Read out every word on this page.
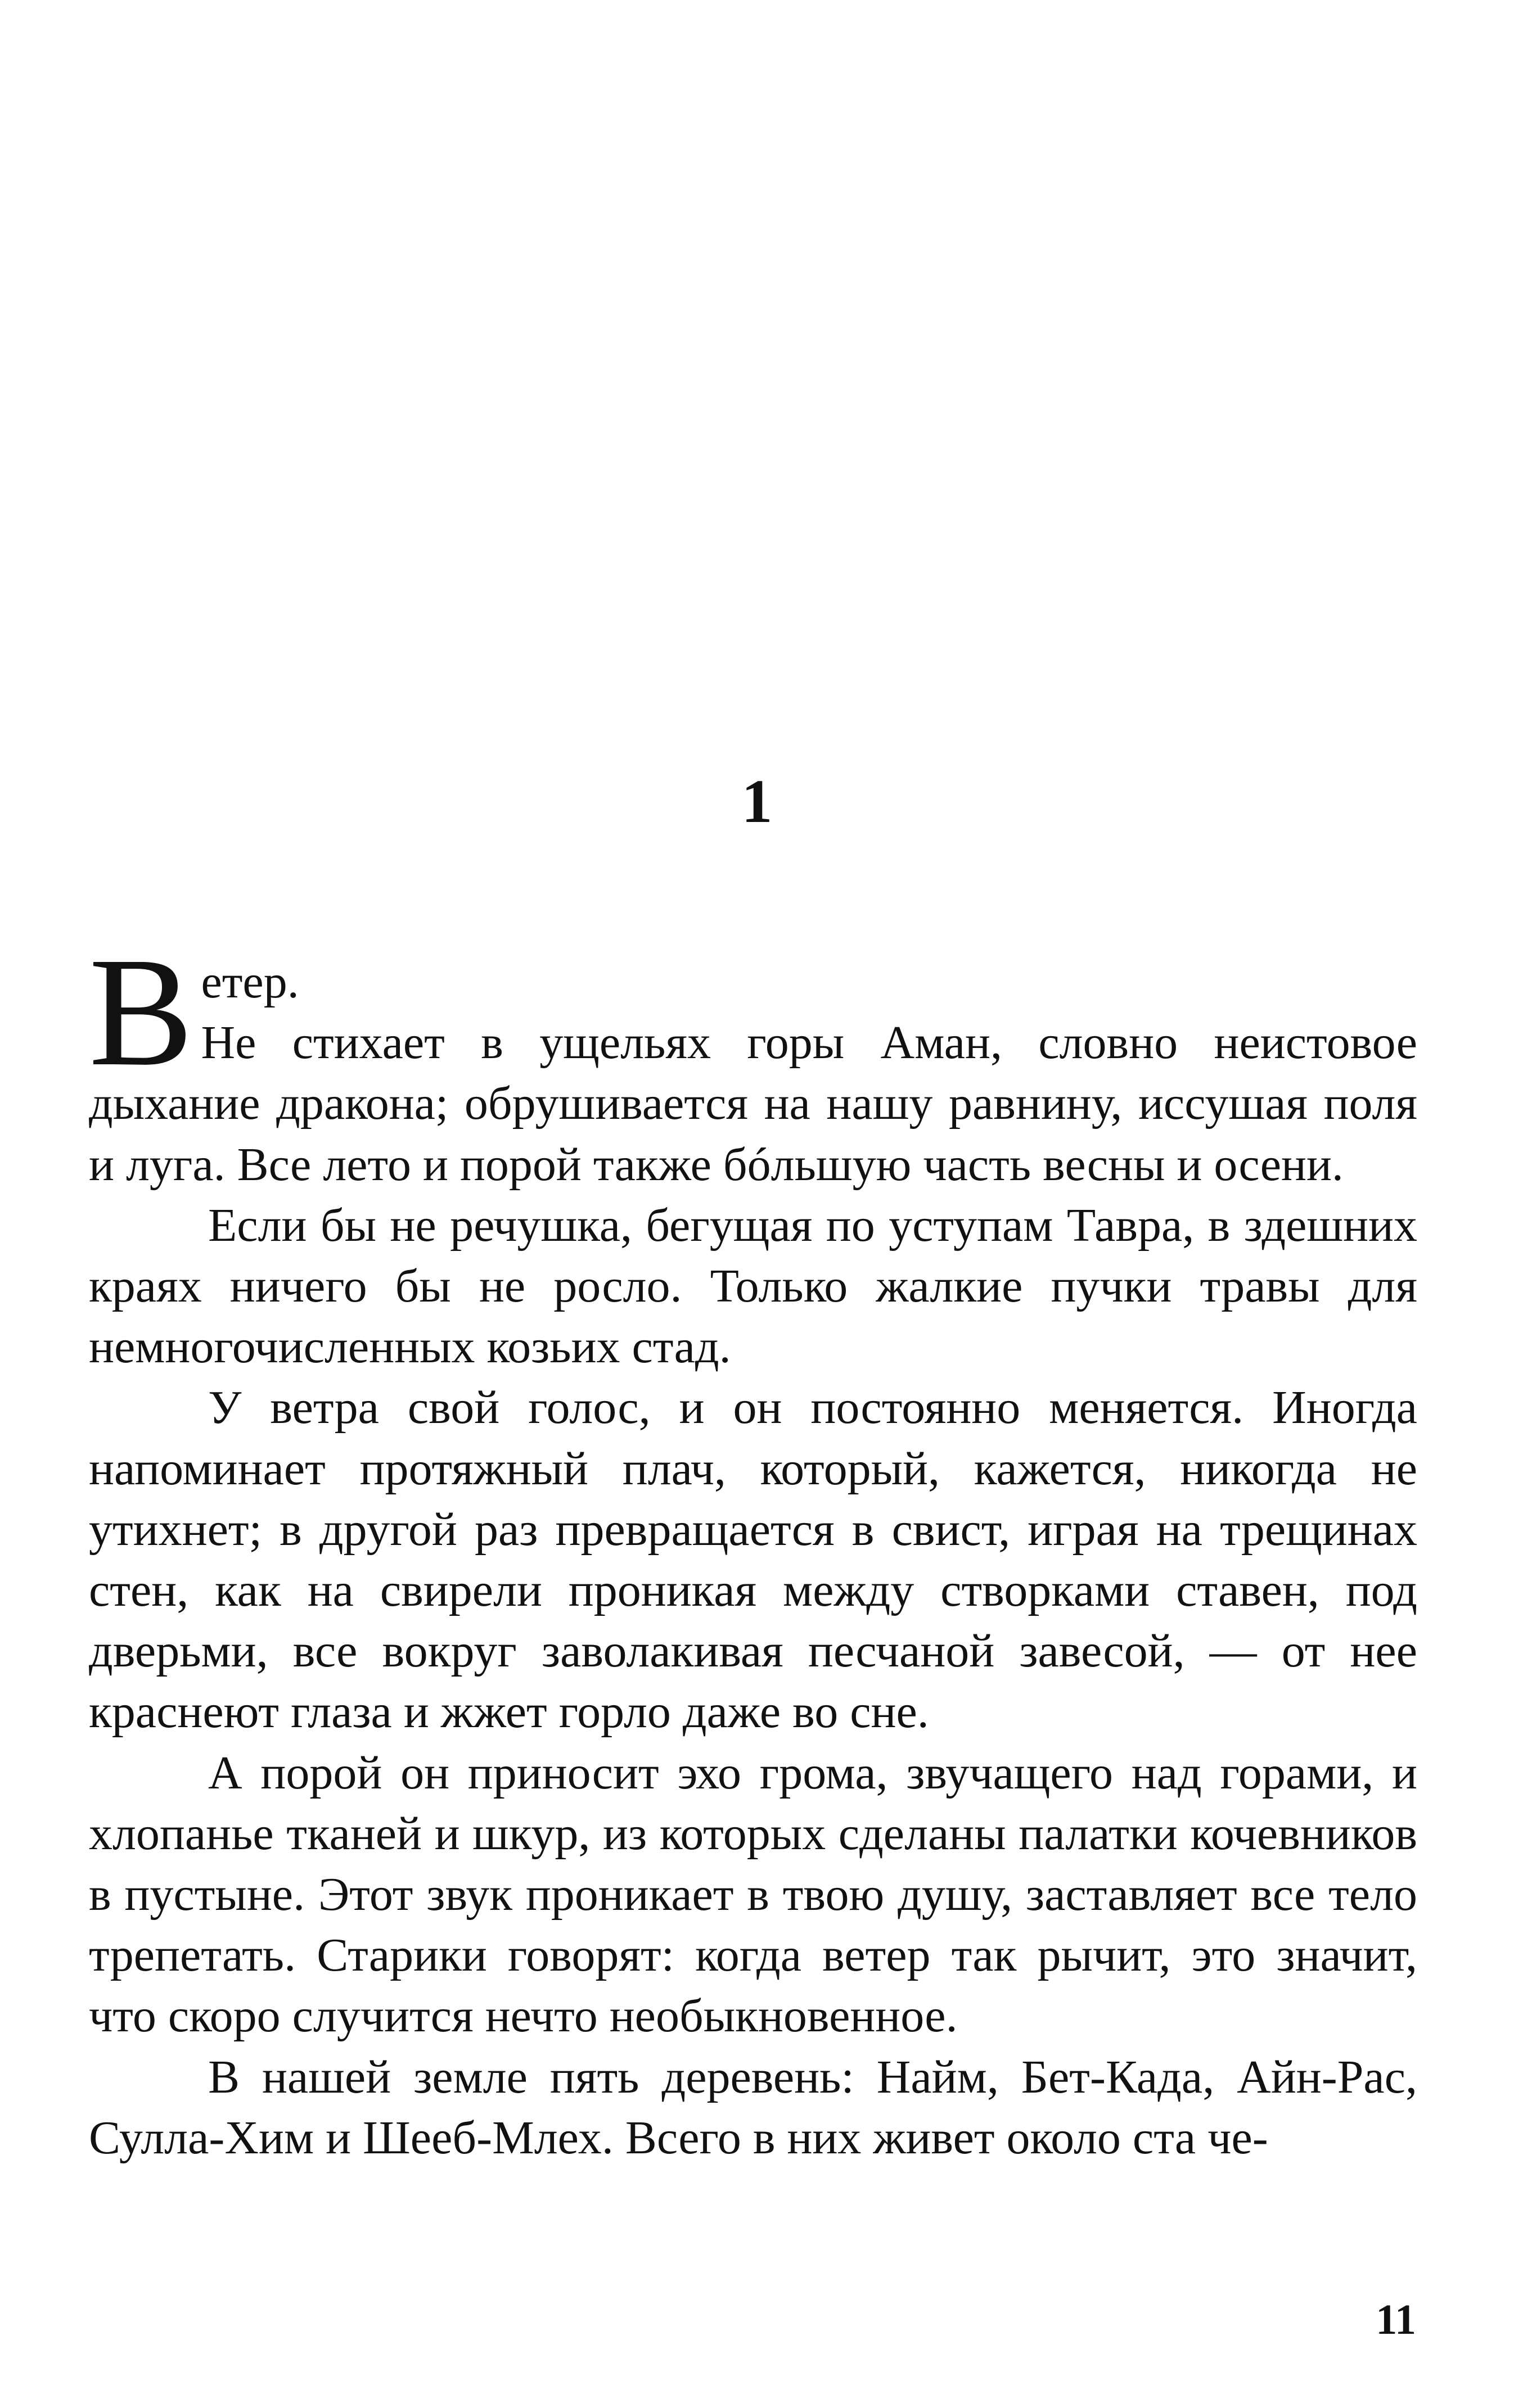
1

В етер.
Не стихает в ущельях горы Аман, словно неистовое дыхание дракона; обрушивается на нашу равнину, иссушая поля и луга. Все лето и порой также бóльшую часть весны и осени.

Если бы не речушка, бегущая по уступам Тавра, в здешних краях ничего бы не росло. Только жалкие пучки травы для немногочисленных козьих стад.

У ветра свой голос, и он постоянно меняется. Иногда напоминает протяжный плач, который, кажется, никогда не утихнет; в другой раз превращается в свист, играя на трещинах стен, как на свирели проникая между створками ставен, под дверьми, все вокруг заволакивая песчаной завесой, — от нее краснеют глаза и жжет горло даже во сне.

А порой он приносит эхо грома, звучащего над горами, и хлопанье тканей и шкур, из которых сделаны палатки кочевников в пустыне. Этот звук проникает в твою душу, заставляет все тело трепетать. Старики говорят: когда ветер так рычит, это значит, что скоро случится нечто необыкновенное.

В нашей земле пять деревень: Найм, Бет-Када, Айн-Рас, Сулла-Хим и Шееб-Млех. Всего в них живет около ста че-

11
